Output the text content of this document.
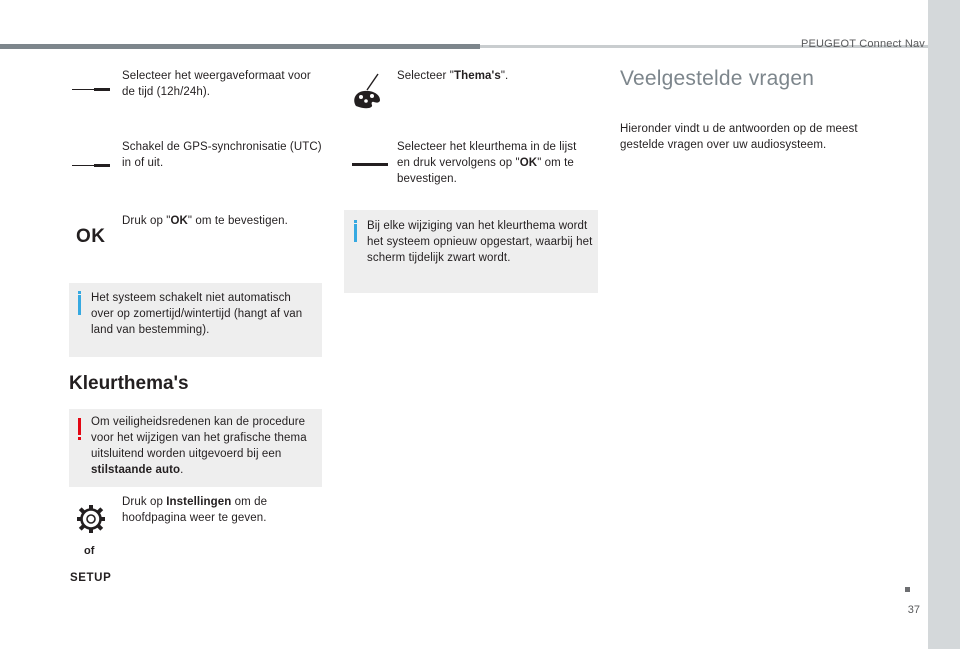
PEUGEOT Connect Nav
37
Selecteer het weergaveformaat voor de tijd (12h/24h).
Schakel de GPS-synchronisatie (UTC) in of uit.
OK
Druk op "OK" om te bevestigen.
Het systeem schakelt niet automatisch over op zomertijd/wintertijd (hangt af van land van bestemming).
Kleurthema's
Om veiligheidsredenen kan de procedure voor het wijzigen van het grafische thema uitsluitend worden uitgevoerd bij een stilstaande auto.
of
SETUP
Druk op Instellingen om de hoofdpagina weer te geven.
Selecteer "Thema's".
Selecteer het kleurthema in de lijst en druk vervolgens op "OK" om te bevestigen.
Bij elke wijziging van het kleurthema wordt het systeem opnieuw opgestart, waarbij het scherm tijdelijk zwart wordt.
Veelgestelde vragen
Hieronder vindt u de antwoorden op de meest gestelde vragen over uw audiosysteem.
